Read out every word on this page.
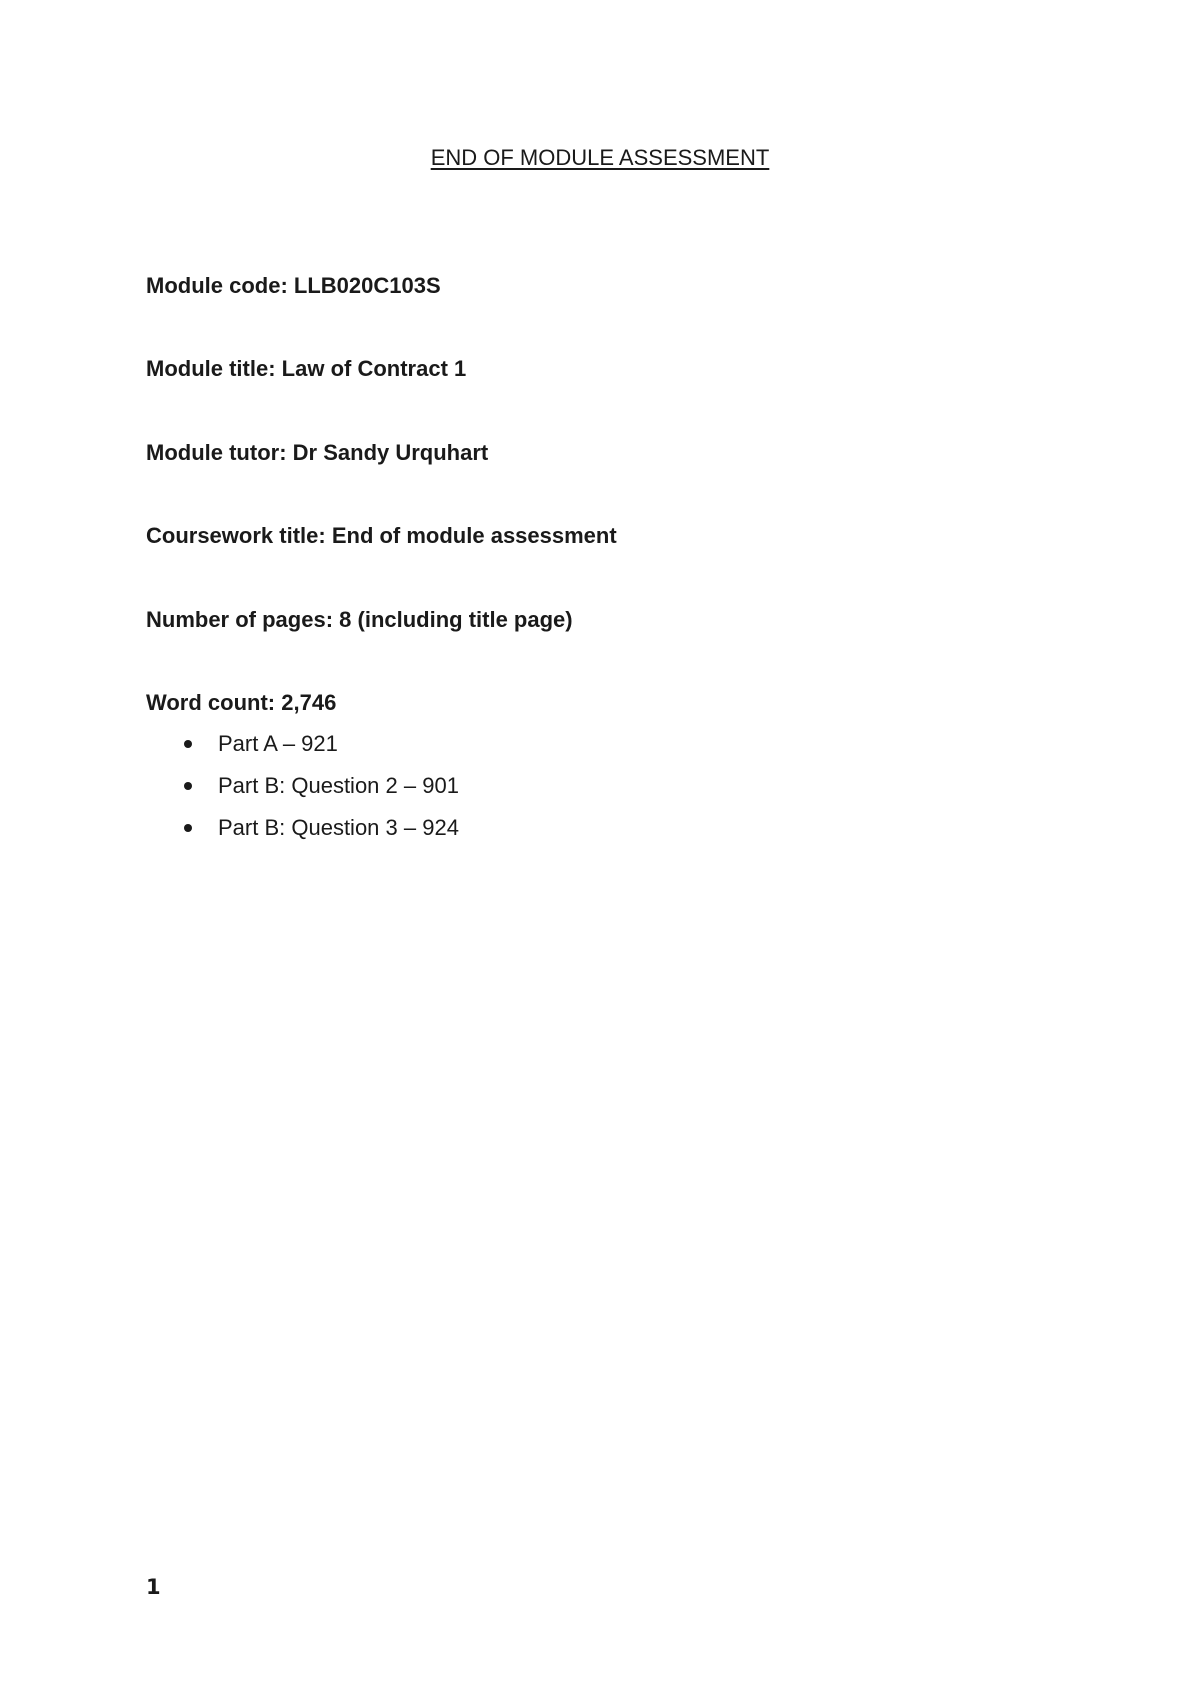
END OF MODULE ASSESSMENT
Module code: LLB020C103S
Module title: Law of Contract 1
Module tutor: Dr Sandy Urquhart
Coursework title: End of module assessment
Number of pages: 8 (including title page)
Word count: 2,746
Part A – 921
Part B: Question 2 – 901
Part B: Question 3 – 924
1
